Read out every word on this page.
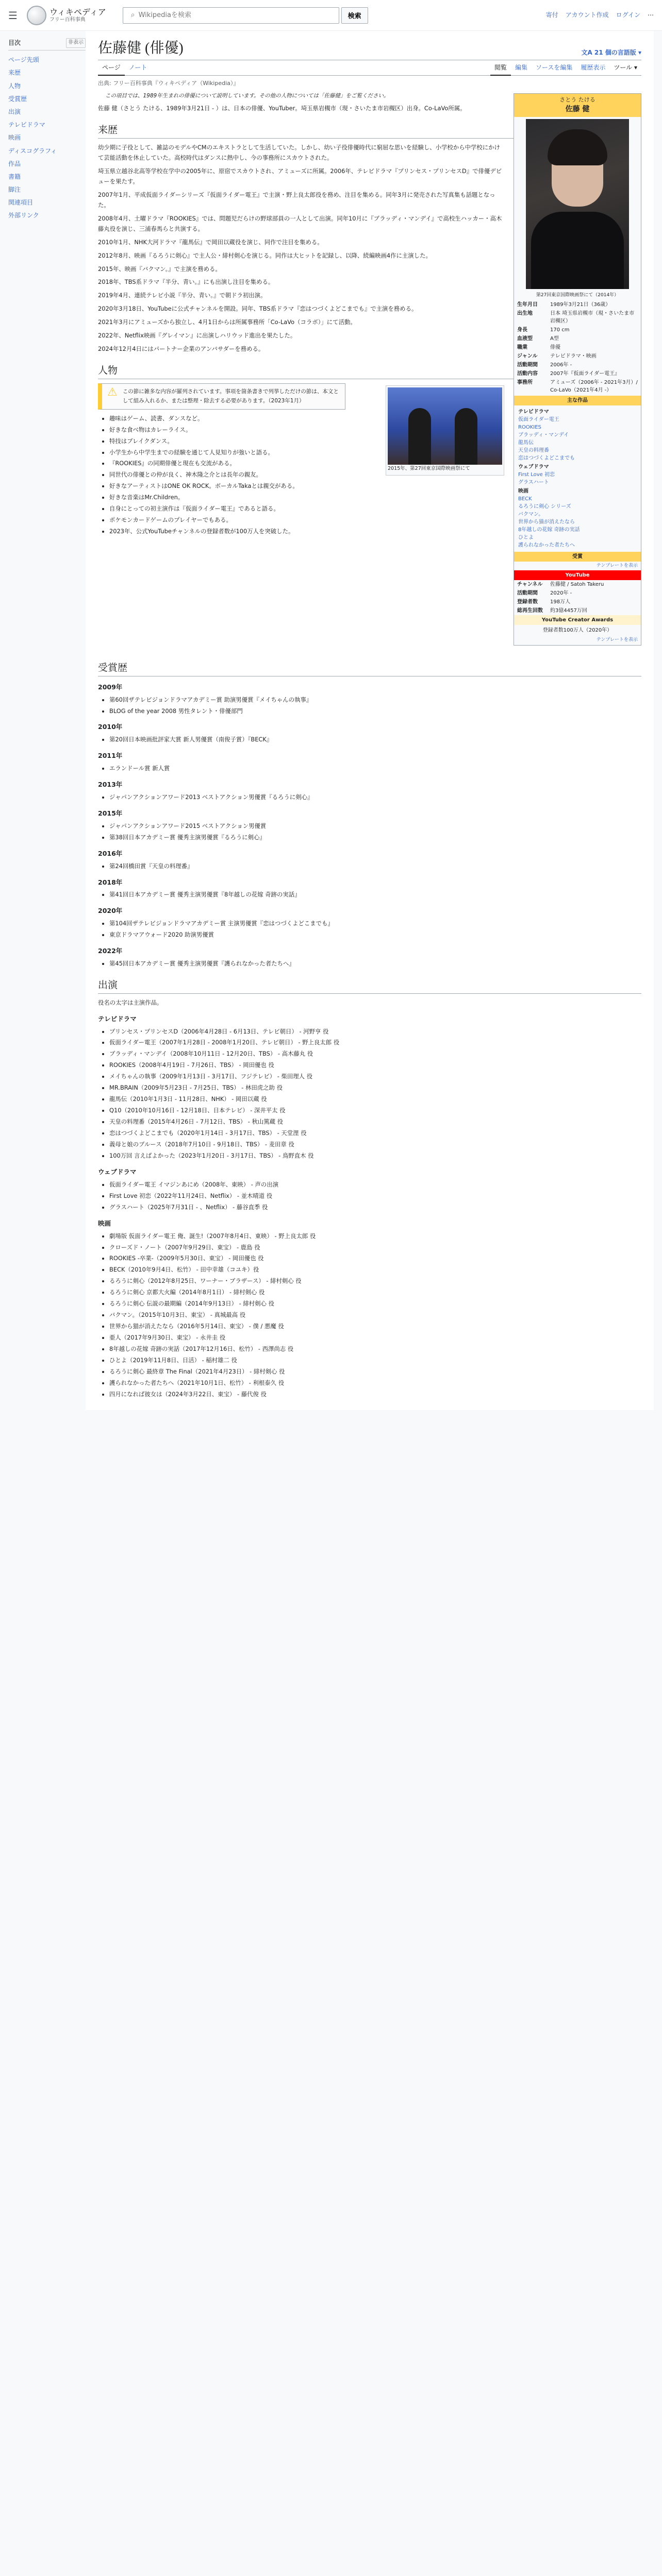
☰	ウィキペディア
フリー百科事典
⌕
Wikipediaを検索	検索	寄付 アカウント作成 ログイン ⋯
目次	非表示
ページ先頭
来歴
人物
受賞歴
出演
テレビドラマ
映画
ディスコグラフィ
作品
書籍
脚注
関連項目
外部リンク
佐藤健 (俳優)	文A 21 個の言語版 ▾
ページ	ノート	閲覧	編集	ソースを編集	履歴表示	ツール ▾
出典: フリー百科事典『ウィキペディア（Wikipedia）』
さとう たける
佐藤 健
第27回東京国際映画祭にて（2014年）
生年月日	1989年3月21日（36歳）
出生地	日本 埼玉県岩槻市（現・さいたま市岩槻区）
身長	170 cm
血液型	A型
職業	俳優
ジャンル	テレビドラマ・映画
活動期間	2006年 -
活動内容	2007年『仮面ライダー電王』
事務所	アミューズ（2006年 - 2021年3月）/ Co-LaVo（2021年4月 -）
主な作品
テレビドラマ
仮面ライダー電王
ROOKIES
ブラッディ・マンデイ
龍馬伝
天皇の料理番
恋はつづくよどこまでも
ウェブドラマ
First Love 初恋
グラスハート
映画
BECK
るろうに剣心 シリーズ
バクマン。
世界から猫が消えたなら
8年越しの花嫁 奇跡の実話
ひとよ
護られなかった者たちへ
受賞
テンプレートを表示
YouTube
チャンネル	佐藤健 / Satoh Takeru
活動期間	2020年 -
登録者数	198万人
総再生回数	約3億4457万回
YouTube Creator Awards
登録者数100万人（2020年）
テンプレートを表示

この項目では、1989年生まれの俳優について説明しています。その他の人物については「佐藤健」をご覧ください。

佐藤 健（さとう たける、1989年3月21日 - ）は、日本の俳優、YouTuber。埼玉県岩槻市（現・さいたま市岩槻区）出身。Co-LaVo所属。

来歴

幼少期に子役として、雑誌のモデルやCMのエキストラとして生活していた。しかし、幼い子役俳優時代に窮屈な思いを経験し、小学校から中学校にかけて芸能活動を休止していた。高校時代はダンスに熱中し、今の事務所にスカウトされた。

埼玉県立越谷北高等学校在学中の2005年に、原宿でスカウトされ、アミューズに所属。2006年、テレビドラマ『プリンセス・プリンセスD』で俳優デビューを果たす。

2007年1月、平成仮面ライダーシリーズ『仮面ライダー電王』で主演・野上良太郎役を務め、注目を集める。同年3月に発売された写真集も話題となった。

2008年4月、土曜ドラマ『ROOKIES』では、問題児だらけの野球部員の一人として出演。同年10月に『ブラッディ・マンデイ』で高校生ハッカー・高木藤丸役を演じ、三浦春馬らと共演する。

2010年1月、NHK大河ドラマ『龍馬伝』で岡田以蔵役を演じ、同作で注目を集める。

2012年8月、映画『るろうに剣心』で主人公・緋村剣心を演じる。同作は大ヒットを記録し、以降、続編映画4作に主演した。

2015年、映画『バクマン。』で主演を務める。

2018年、TBS系ドラマ『半分、青い。』にも出演し注目を集める。

2019年4月、連続テレビ小説『半分、青い。』で朝ドラ初出演。

2020年3月18日、YouTubeに公式チャンネルを開設。同年、TBS系ドラマ『恋はつづくよどこまでも』で主演を務める。

2021年3月にアミューズから独立し、4月1日からは所属事務所「Co-LaVo（コラボ）」にて活動。

2022年、Netflix映画『グレイマン』に出演しハリウッド進出を果たした。

2024年12月4日にはパートナー企業のアンバサダーを務める。

人物
2015年、第27回東京国際映画祭にて
⚠ この節に雑多な内容が羅列されています。事項を箇条書きで列挙しただけの節は、本文として組み入れるか、または整理・除去する必要があります。（2023年1月）
• 趣味はゲーム、読書、ダンスなど。
• 好きな食べ物はカレーライス。
• 特技はブレイクダンス。
• 小学生から中学生までの経験を通じて人見知りが強いと語る。
• 『ROOKIES』の同期俳優と現在も交流がある。
• 同世代の俳優との仲が良く、神木隆之介とは長年の親友。
• 好きなアーティストはONE OK ROCK。ボーカルTakaとは親交がある。
• 好きな音楽はMr.Children。
• 自身にとっての初主演作は『仮面ライダー電王』であると語る。
• ポケモンカードゲームのプレイヤーでもある。
• 2023年、公式YouTubeチャンネルの登録者数が100万人を突破した。
受賞歴
2009年
• 第60回ザテレビジョンドラマアカデミー賞 助演男優賞『メイちゃんの執事』
• BLOG of the year 2008 男性タレント・俳優部門
2010年
• 第20回日本映画批評家大賞 新人男優賞（南俊子賞）『BECK』
2011年
• エランドール賞 新人賞
2013年
• ジャパンアクションアワード2013 ベストアクション男優賞『るろうに剣心』
2015年
• ジャパンアクションアワード2015 ベストアクション男優賞
• 第38回日本アカデミー賞 優秀主演男優賞『るろうに剣心』
2016年
• 第24回橋田賞『天皇の料理番』
2018年
• 第41回日本アカデミー賞 優秀主演男優賞『8年越しの花嫁 奇跡の実話』
2020年
• 第104回ザテレビジョンドラマアカデミー賞 主演男優賞『恋はつづくよどこまでも』
• 東京ドラマアウォード2020 助演男優賞
2022年
• 第45回日本アカデミー賞 優秀主演男優賞『護られなかった者たちへ』
出演

役名の太字は主演作品。

テレビドラマ
• プリンセス・プリンセスD（2006年4月28日 - 6月13日、テレビ朝日） - 河野亨 役
• 仮面ライダー電王（2007年1月28日 - 2008年1月20日、テレビ朝日） - 野上良太郎 役
• ブラッディ・マンデイ（2008年10月11日 - 12月20日、TBS） - 高木藤丸 役
• ROOKIES（2008年4月19日 - 7月26日、TBS） - 岡田優也 役
• メイちゃんの執事（2009年1月13日 - 3月17日、フジテレビ） - 柴田理人 役
• MR.BRAIN（2009年5月23日 - 7月25日、TBS） - 林田虎之助 役
• 龍馬伝（2010年1月3日 - 11月28日、NHK） - 岡田以蔵 役
• Q10（2010年10月16日 - 12月18日、日本テレビ） - 深井平太 役
• 天皇の料理番（2015年4月26日 - 7月12日、TBS） - 秋山篤蔵 役
• 恋はつづくよどこまでも（2020年1月14日 - 3月17日、TBS） - 天堂浬 役
• 義母と娘のブルース（2018年7月10日 - 9月18日、TBS） - 麦田章 役
• 100万回 言えばよかった（2023年1月20日 - 3月17日、TBS） - 鳥野直木 役
ウェブドラマ
• 仮面ライダー電王 イマジンあにめ（2008年、東映） - 声の出演
• First Love 初恋（2022年11月24日、Netflix） - 並木晴道 役
• グラスハート（2025年7月31日 - 、Netflix） - 藤谷直季 役
映画
• 劇場版 仮面ライダー電王 俺、誕生!（2007年8月4日、東映） - 野上良太郎 役
• クローズド・ノート（2007年9月29日、東宝） - 鹿島 役
• ROOKIES -卒業-（2009年5月30日、東宝） - 岡田優也 役
• BECK（2010年9月4日、松竹） - 田中幸雄（コユキ）役
• るろうに剣心（2012年8月25日、ワーナー・ブラザース） - 緋村剣心 役
• るろうに剣心 京都大火編（2014年8月1日） - 緋村剣心 役
• るろうに剣心 伝説の最期編（2014年9月13日） - 緋村剣心 役
• バクマン。（2015年10月3日、東宝） - 真城最高 役
• 世界から猫が消えたなら（2016年5月14日、東宝） - 僕 / 悪魔 役
• 亜人（2017年9月30日、東宝） - 永井圭 役
• 8年越しの花嫁 奇跡の実話（2017年12月16日、松竹） - 西澤尚志 役
• ひとよ（2019年11月8日、日活） - 稲村雄二 役
• るろうに剣心 最終章 The Final（2021年4月23日） - 緋村剣心 役
• 護られなかった者たちへ（2021年10月1日、松竹） - 利根泰久 役
• 四月になれば彼女は（2024年3月22日、東宝） - 藤代俊 役
